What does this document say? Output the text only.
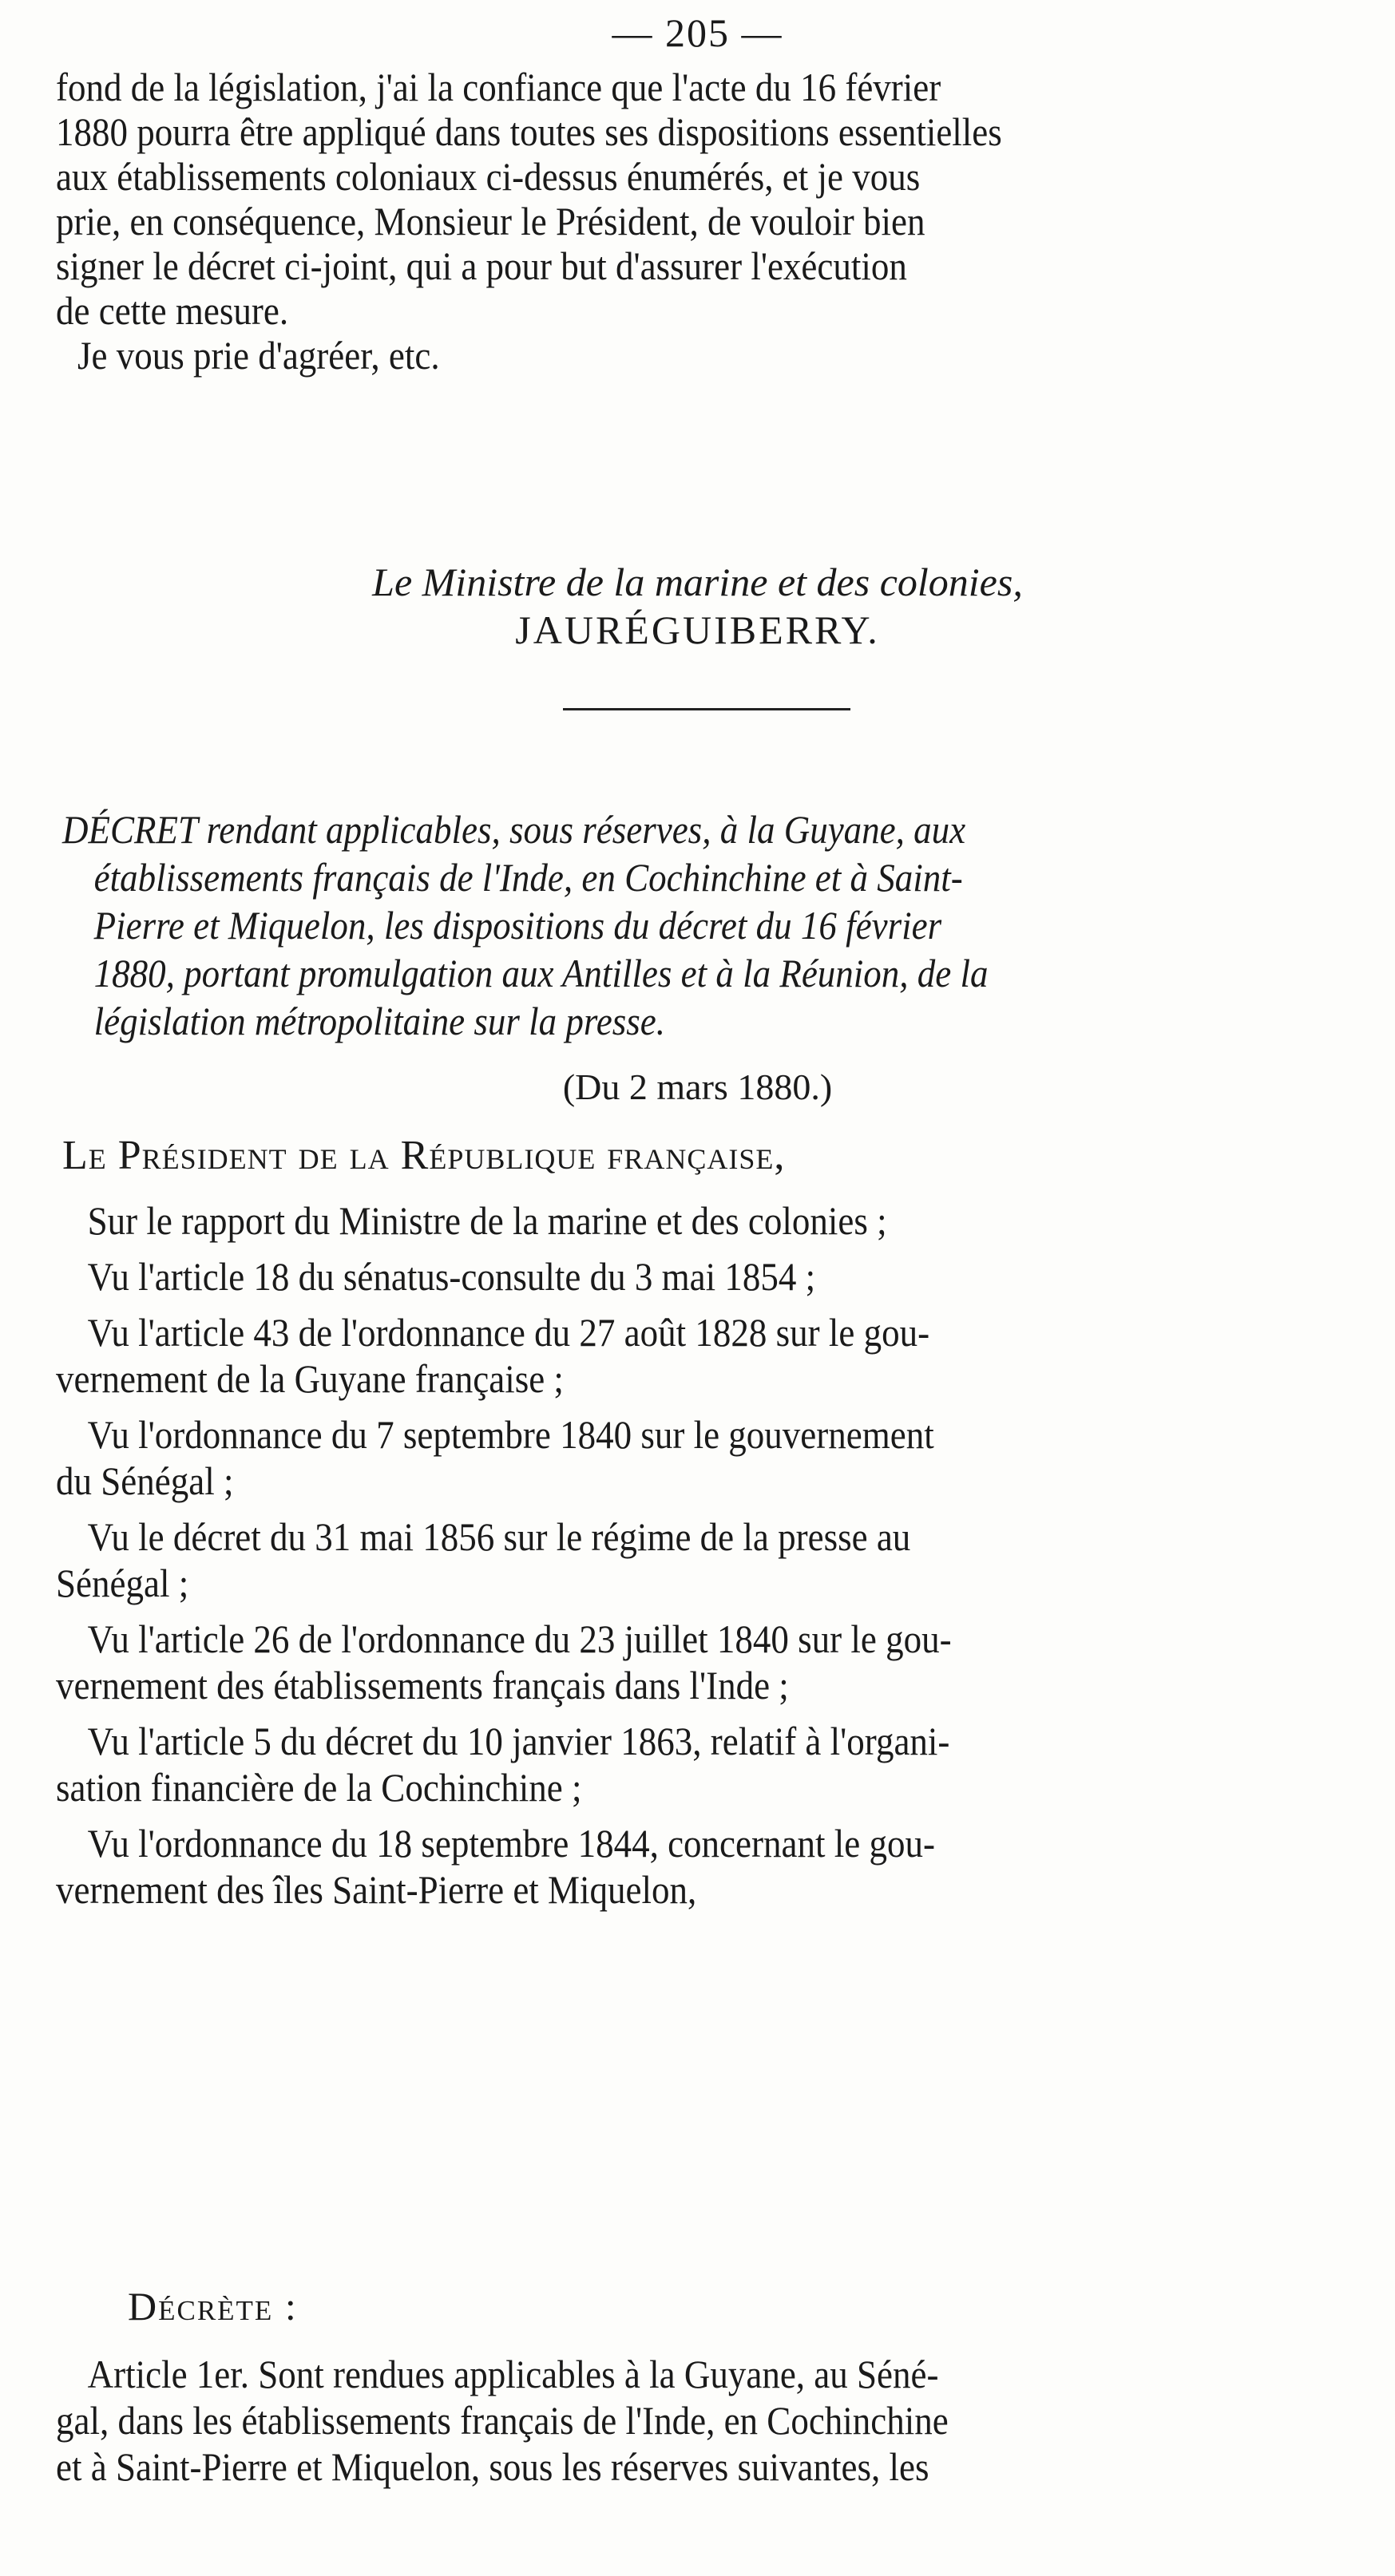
— 205 —
fond de la législation, j'ai la confiance que l'acte du 16 février
1880 pourra être appliqué dans toutes ses dispositions essentielles
aux établissements coloniaux ci-dessus énumérés, et je vous
prie, en conséquence, Monsieur le Président, de vouloir bien
signer le décret ci-joint, qui a pour but d'assurer l'exécution
de cette mesure.
Je vous prie d'agréer, etc.
Le Ministre de la marine et des colonies,
JAURÉGUIBERRY.
DÉCRET rendant applicables, sous réserves, à la Guyane, aux
établissements français de l'Inde, en Cochinchine et à Saint-
Pierre et Miquelon, les dispositions du décret du 16 février
1880, portant promulgation aux Antilles et à la Réunion, de la
législation métropolitaine sur la presse.
(Du 2 mars 1880.)
Le Président de la République française,
Sur le rapport du Ministre de la marine et des colonies ;
Vu l'article 18 du sénatus-consulte du 3 mai 1854 ;
Vu l'article 43 de l'ordonnance du 27 août 1828 sur le gou-
vernement de la Guyane française ;
Vu l'ordonnance du 7 septembre 1840 sur le gouvernement
du Sénégal ;
Vu le décret du 31 mai 1856 sur le régime de la presse au
Sénégal ;
Vu l'article 26 de l'ordonnance du 23 juillet 1840 sur le gou-
vernement des établissements français dans l'Inde ;
Vu l'article 5 du décret du 10 janvier 1863, relatif à l'organi-
sation financière de la Cochinchine ;
Vu l'ordonnance du 18 septembre 1844, concernant le gou-
vernement des îles Saint-Pierre et Miquelon,
Décrète :
Article 1er. Sont rendues applicables à la Guyane, au Séné-
gal, dans les établissements français de l'Inde, en Cochinchine
et à Saint-Pierre et Miquelon, sous les réserves suivantes, les
